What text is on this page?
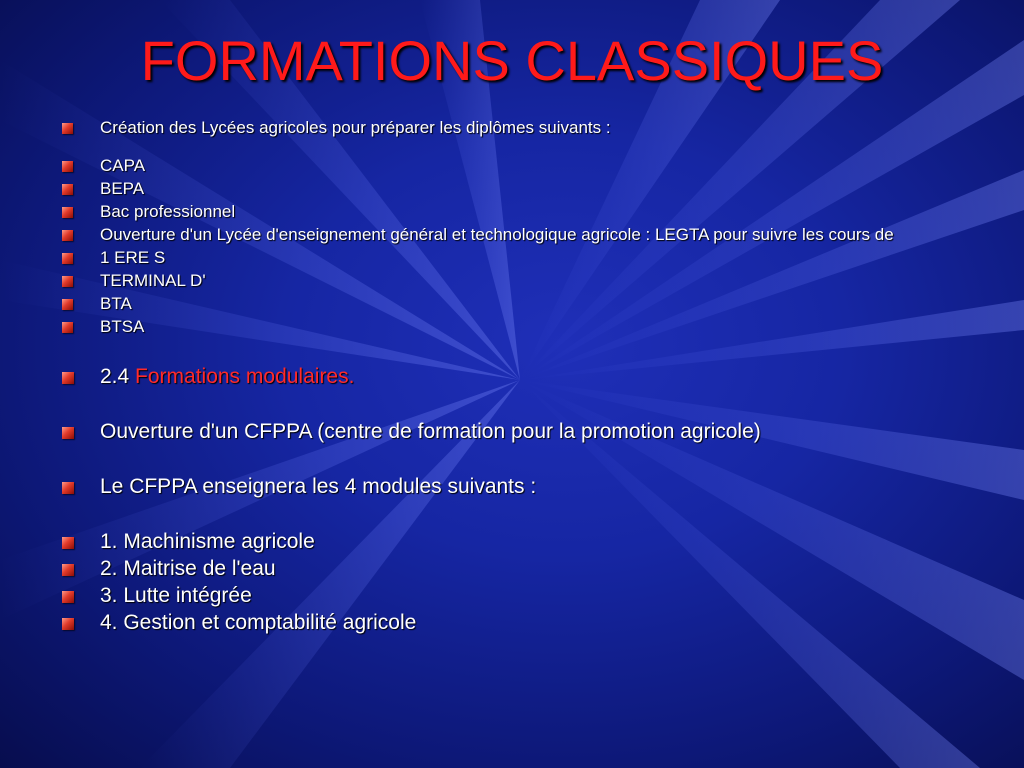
FORMATIONS CLASSIQUES
Création des Lycées agricoles pour préparer les diplômes suivants :
CAPA
BEPA
Bac professionnel
Ouverture d'un Lycée d'enseignement général et technologique agricole : LEGTA pour suivre les cours de
1 ERE S
TERMINAL D'
BTA
BTSA
2.4 Formations modulaires.
Ouverture d'un CFPPA (centre de formation pour la promotion agricole)
Le CFPPA enseignera les 4 modules suivants :
1. Machinisme agricole
2. Maitrise de l'eau
3. Lutte intégrée
4. Gestion et comptabilité agricole
